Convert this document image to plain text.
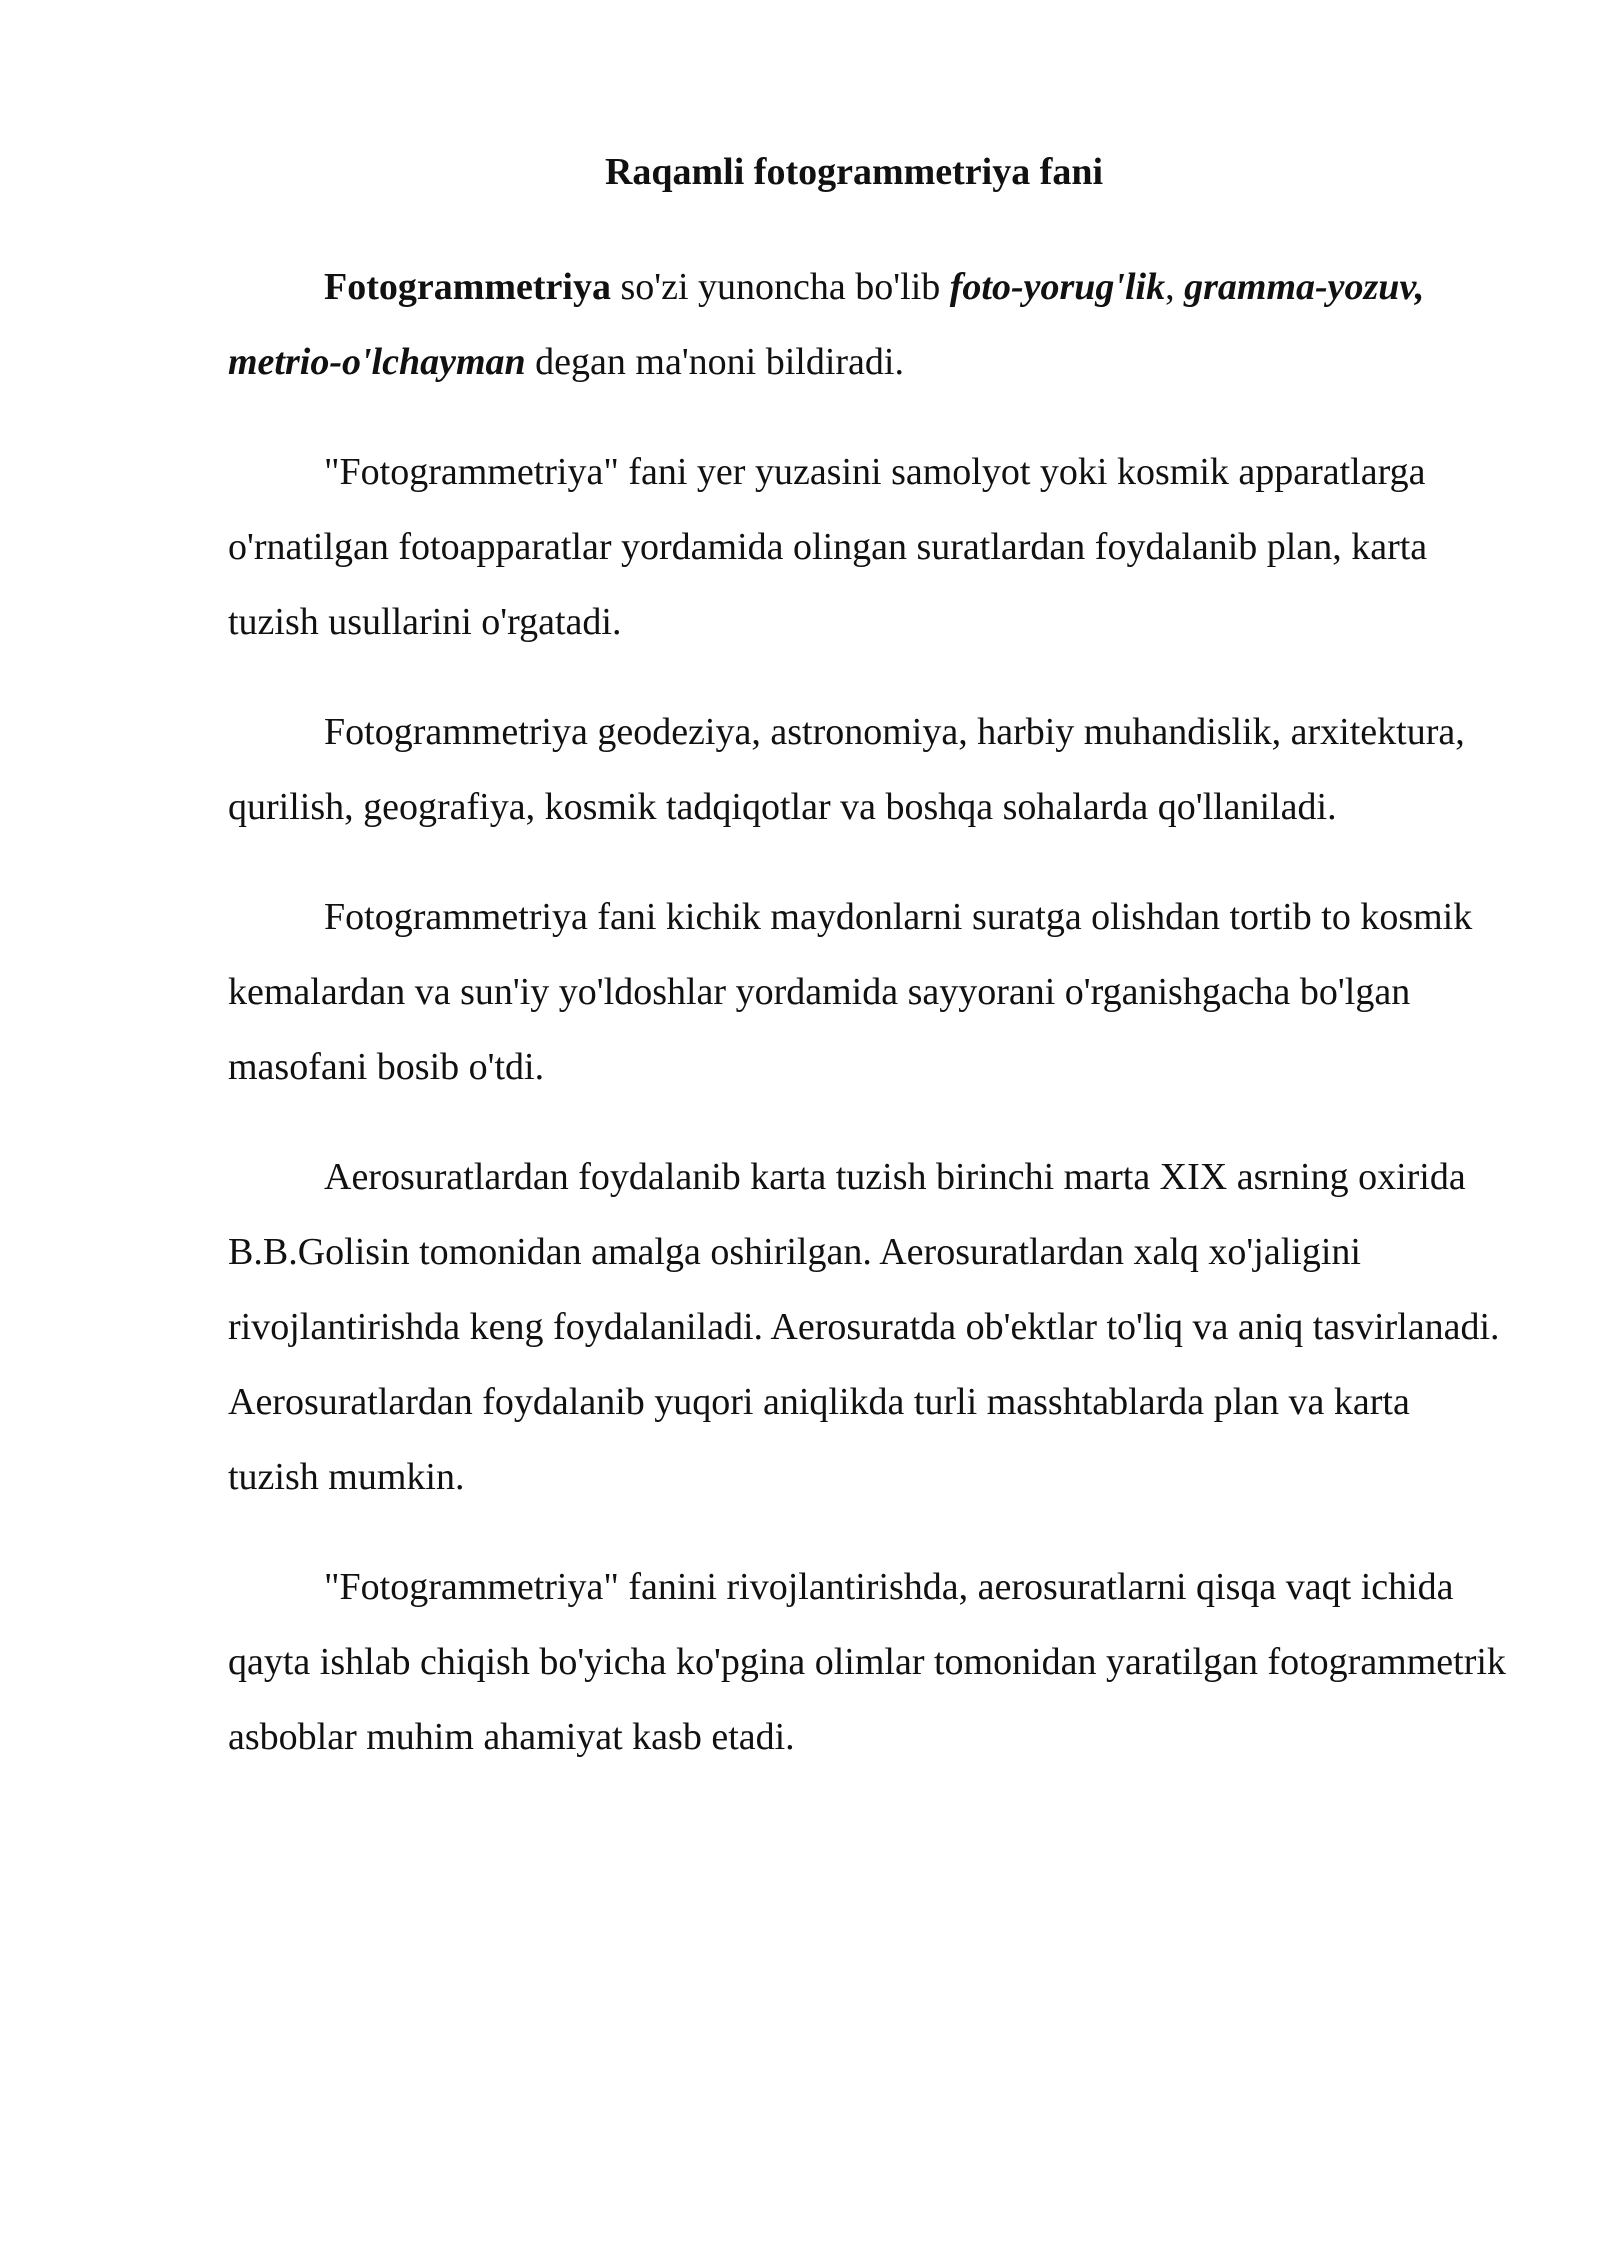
Raqamli fotogrammetriya fani

Fotogrammetriya so'zi yunoncha bo'lib foto-yorug'lik, gramma-yozuv, metrio-o'lchayman degan ma'noni bildiradi.

"Fotogrammetriya" fani yer yuzasini samolyot yoki kosmik apparatlarga o'rnatilgan fotoapparatlar yordamida olingan suratlardan foydalanib plan, karta tuzish usullarini o'rgatadi.

Fotogrammetriya geodeziya, astronomiya, harbiy muhandislik, arxitektura, qurilish, geografiya, kosmik tadqiqotlar va boshqa sohalarda qo'llaniladi.

Fotogrammetriya fani kichik maydonlarni suratga olishdan tortib to kosmik kemalardan va sun'iy yo'ldoshlar yordamida sayyorani o'rganishgacha bo'lgan masofani bosib o'tdi.

Aerosuratlardan foydalanib karta tuzish birinchi marta XIX asrning oxirida B.B.Golisin tomonidan amalga oshirilgan. Aerosuratlardan xalq xo'jaligini rivojlantirishda keng foydalaniladi. Aerosuratda ob'ektlar to'liq va aniq tasvirlanadi. Aerosuratlardan foydalanib yuqori aniqlikda turli masshtablarda plan va karta tuzish mumkin.

"Fotogrammetriya" fanini rivojlantirishda, aerosuratlarni qisqa vaqt ichida qayta ishlab chiqish bo'yicha ko'pgina olimlar tomonidan yaratilgan fotogrammetrik asboblar muhim ahamiyat kasb etadi.
